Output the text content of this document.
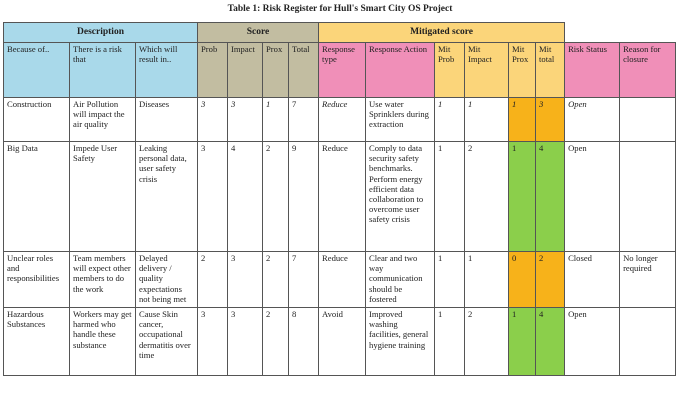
Table 1: Risk Register for Hull's Smart City OS Project
Description			Score				Mitigated score							
Because of..	There is a risk that	Which will result in..	Prob	Impact	Prox	Total	Response type	Response Action	Mit Prob	Mit Impact	Mit Prox	Mit total	Risk Status	Reason for closure
Construction	Air Pollution will impact the air quality	Diseases	3	3	1	7	Reduce	Use water Sprinklers during extraction	1	1	1	3	Open	
Big Data	Impede User Safety	Leaking personal data, user safety crisis	3	4	2	9	Reduce	Comply to data security safety benchmarks. Perform energy efficient data collaboration to overcome user safety crisis	1	2	1	4	Open	
Unclear roles and responsibilities	Team members will expect other members to do the work	Delayed delivery / quality expectations not being met	2	3	2	7	Reduce	Clear and two way communication should be fostered	1	1	0	2	Closed	No longer required
Hazardous Substances	Workers may get harmed who handle these substance	Cause Skin cancer, occupational dermatitis over time	3	3	2	8	Avoid	Improved washing facilities, general hygiene training	1	2	1	4	Open	
